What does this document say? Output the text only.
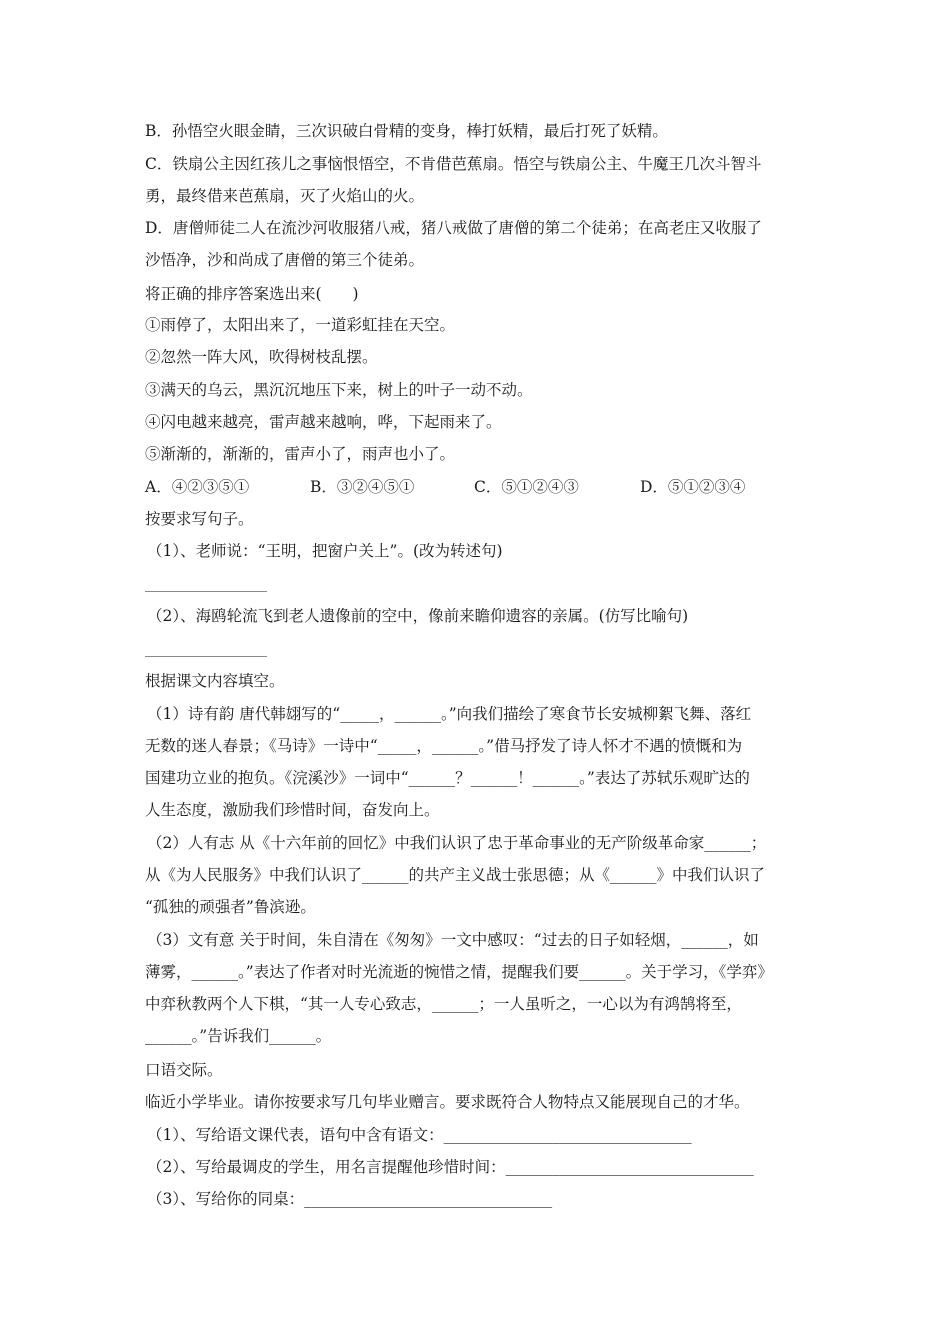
B．孙悟空火眼金睛，三次识破白骨精的变身，棒打妖精，最后打死了妖精。
C．铁扇公主因红孩儿之事恼恨悟空，不肯借芭蕉扇。悟空与铁扇公主、牛魔王几次斗智斗
勇，最终借来芭蕉扇，灭了火焰山的火。
D．唐僧师徒二人在流沙河收服猪八戒，猪八戒做了唐僧的第二个徒弟；在高老庄又收服了
沙悟净，沙和尚成了唐僧的第三个徒弟。
将正确的排序答案选出来(　　)
①雨停了，太阳出来了，一道彩虹挂在天空。
②忽然一阵大风，吹得树枝乱摆。
③满天的乌云，黑沉沉地压下来，树上的叶子一动不动。
④闪电越来越亮，雷声越来越响，哗，下起雨来了。
⑤渐渐的，渐渐的，雷声小了，雨声也小了。
A．④②③⑤①	B．③②④⑤①	C．⑤①②④③	D．⑤①②③④
按要求写句子。
（1）、老师说：“王明，把窗户关上”。(改为转述句)
（2）、海鸥轮流飞到老人遗像前的空中，像前来瞻仰遗容的亲属。(仿写比喻句)
根据课文内容填空。
（1）诗有韵 唐代韩翃写的“_____，______。”向我们描绘了寒食节长安城柳絮飞舞、落红
无数的迷人春景；《马诗》一诗中“_____，______。”借马抒发了诗人怀才不遇的愤慨和为
国建功立业的抱负。《浣溪沙》一词中“______？______！______。”表达了苏轼乐观旷达的
人生态度，激励我们珍惜时间，奋发向上。
（2）人有志 从《十六年前的回忆》中我们认识了忠于革命事业的无产阶级革命家______；
从《为人民服务》中我们认识了______的共产主义战士张思德；从《______》中我们认识了
“孤独的顽强者”鲁滨逊。
（3）文有意 关于时间，朱自清在《匆匆》一文中感叹：“过去的日子如轻烟，______，如
薄雾，______。”表达了作者对时光流逝的惋惜之情，提醒我们要______。关于学习，《学弈》
中弈秋教两个人下棋，“其一人专心致志，______；一人虽听之，一心以为有鸿鹄将至，
______。”告诉我们______。
口语交际。
临近小学毕业。请你按要求写几句毕业赠言。要求既符合人物特点又能展现自己的才华。
（1）、写给语文课代表，语句中含有语文：________________________________
（2）、写给最调皮的学生，用名言提醒他珍惜时间：________________________________
（3）、写给你的同桌：________________________________
